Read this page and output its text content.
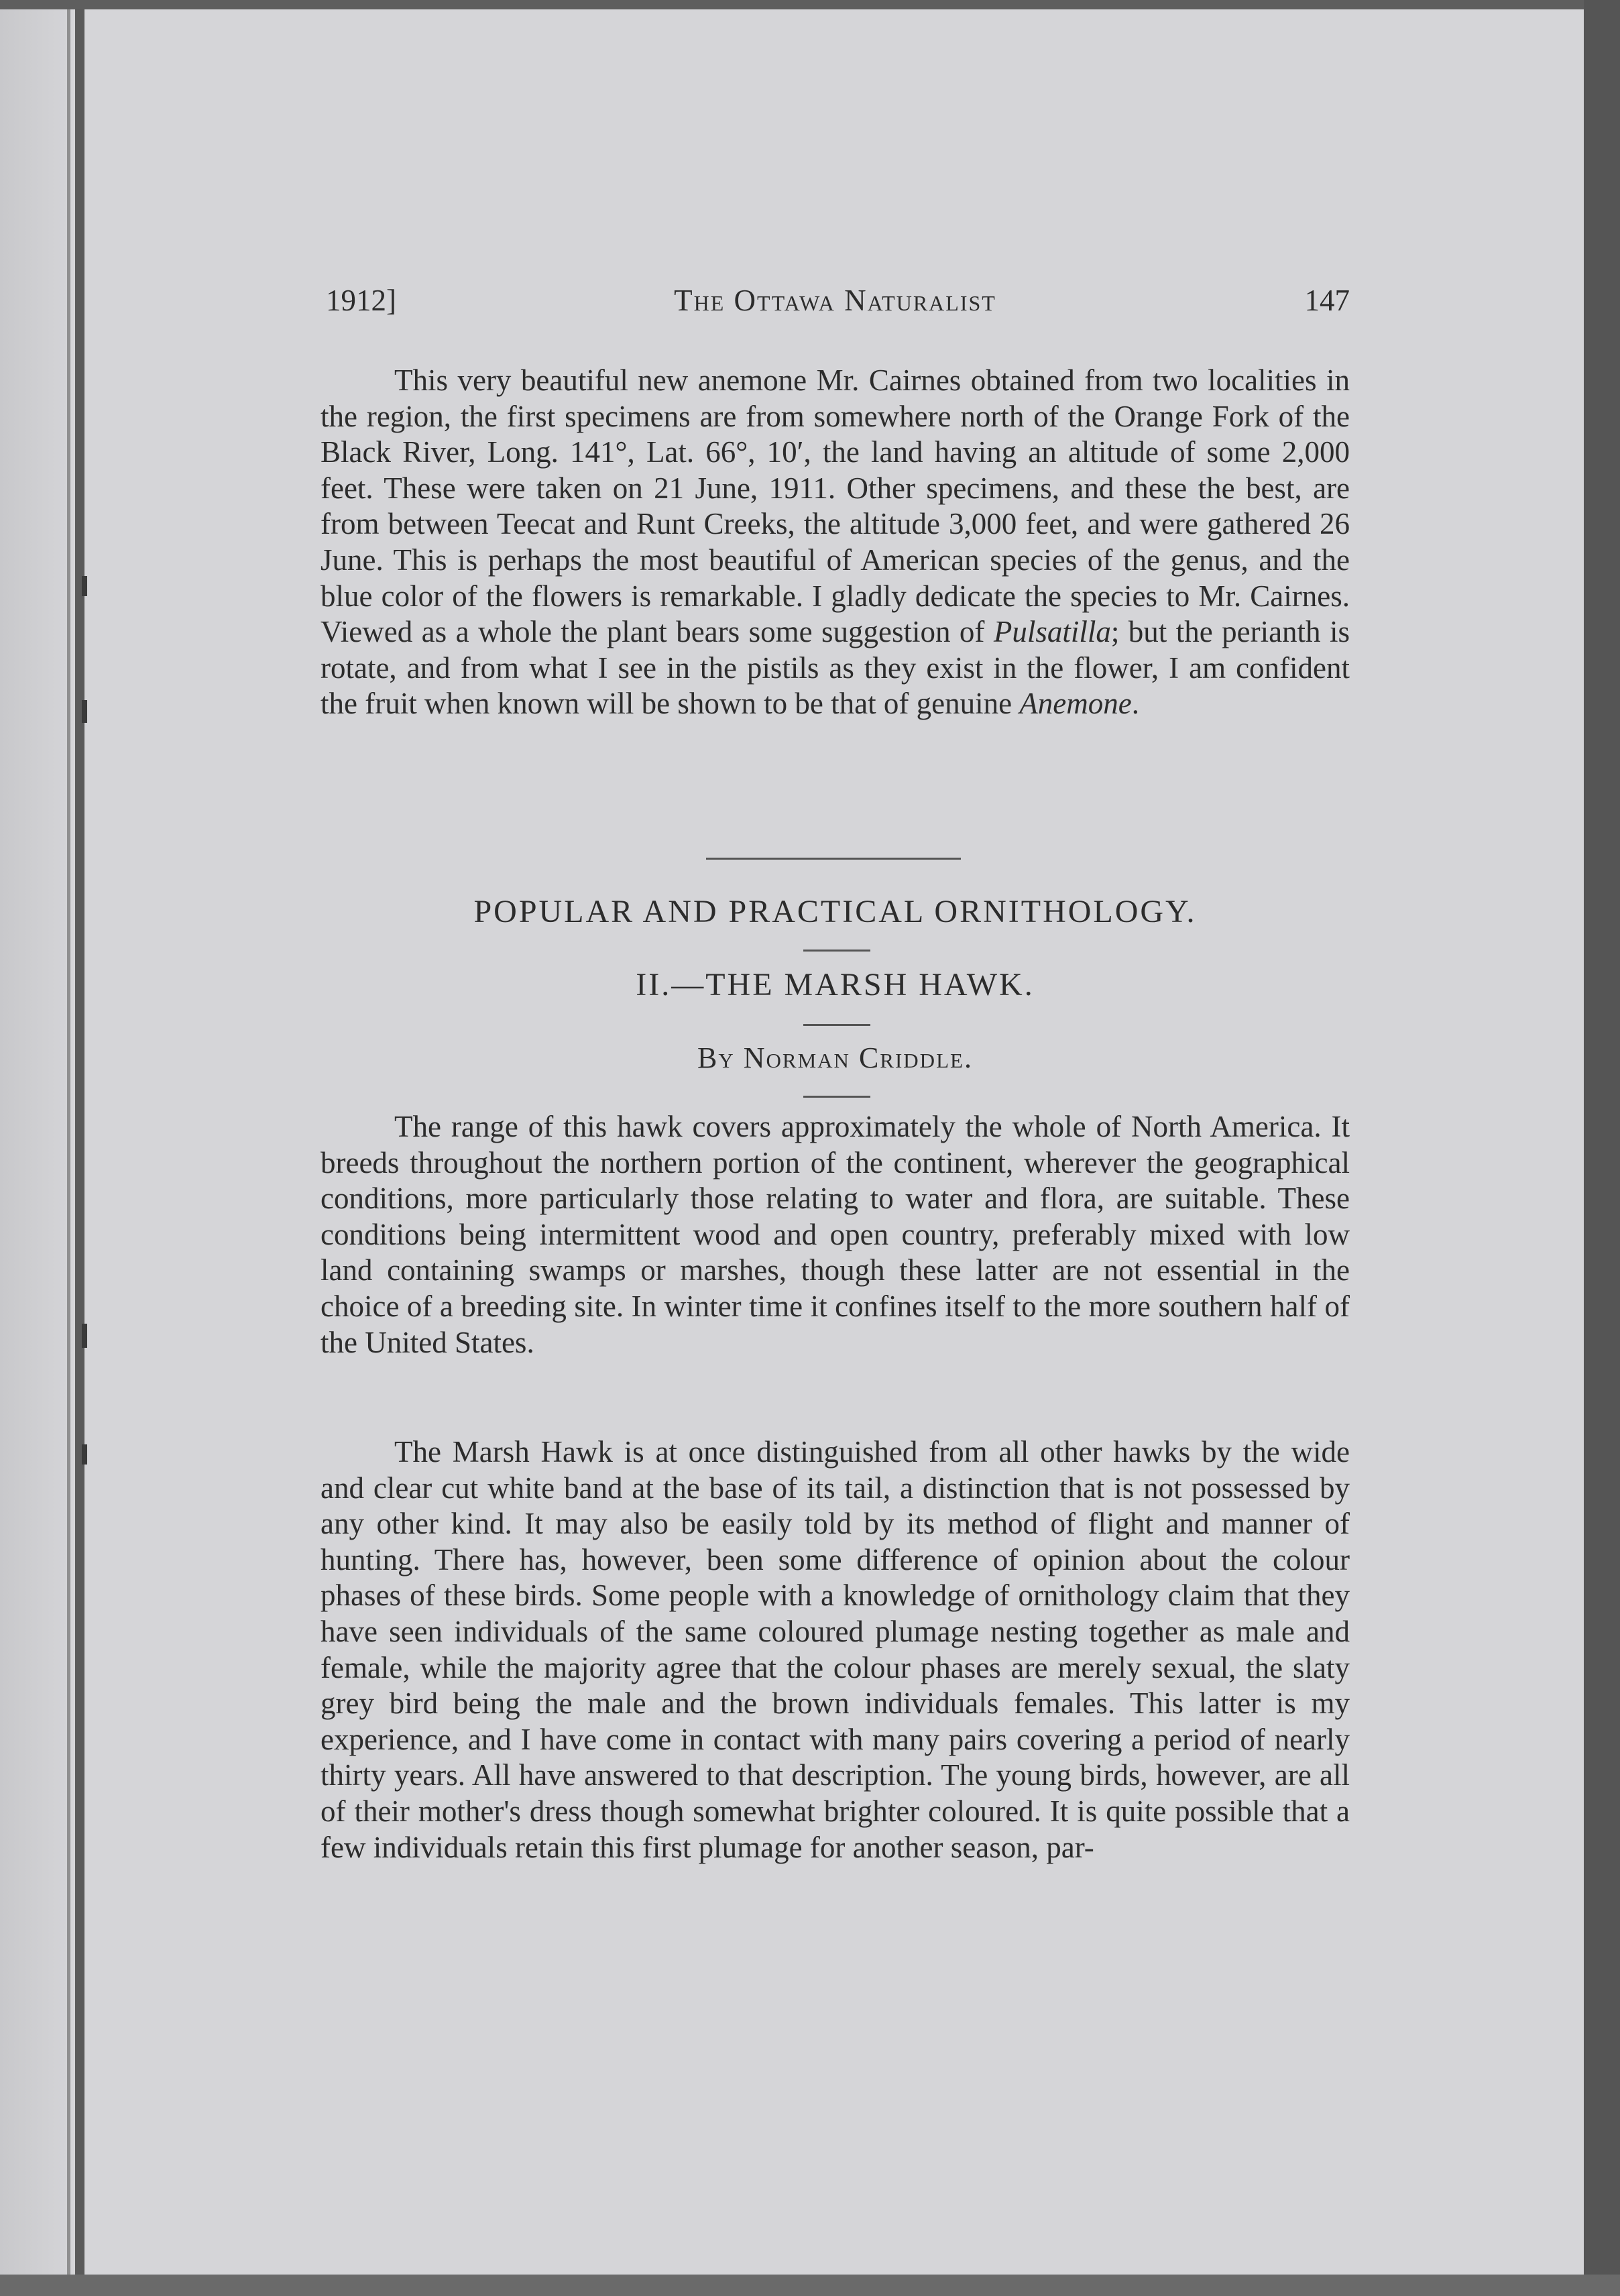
1912]	The Ottawa Naturalist	147

This very beautiful new anemone Mr. Cairnes obtained from two localities in the region, the first specimens are from somewhere north of the Orange Fork of the Black River, Long. 141°, Lat. 66°, 10′, the land having an altitude of some 2,000 feet. These were taken on 21 June, 1911. Other specimens, and these the best, are from between Teecat and Runt Creeks, the altitude 3,000 feet, and were gathered 26 June. This is perhaps the most beautiful of American species of the genus, and the blue color of the flowers is remarkable. I gladly dedicate the species to Mr. Cairnes. Viewed as a whole the plant bears some suggestion of Pulsatilla; but the perianth is rotate, and from what I see in the pistils as they exist in the flower, I am confident the fruit when known will be shown to be that of genuine Anemone.

POPULAR AND PRACTICAL ORNITHOLOGY.
II.—THE MARSH HAWK.
By Norman Criddle.

The range of this hawk covers approximately the whole of North America. It breeds throughout the northern portion of the continent, wherever the geographical conditions, more particularly those relating to water and flora, are suitable. These conditions being intermittent wood and open country, preferably mixed with low land containing swamps or marshes, though these latter are not essential in the choice of a breeding site. In winter time it confines itself to the more southern half of the United States.

The Marsh Hawk is at once distinguished from all other hawks by the wide and clear cut white band at the base of its tail, a distinction that is not possessed by any other kind. It may also be easily told by its method of flight and manner of hunting. There has, however, been some difference of opinion about the colour phases of these birds. Some people with a knowledge of ornithology claim that they have seen individuals of the same coloured plumage nesting together as male and female, while the majority agree that the colour phases are merely sexual, the slaty grey bird being the male and the brown individuals females. This latter is my experience, and I have come in contact with many pairs covering a period of nearly thirty years. All have answered to that description. The young birds, however, are all of their mother's dress though somewhat brighter coloured. It is quite possible that a few individuals retain this first plumage for another season, par-
